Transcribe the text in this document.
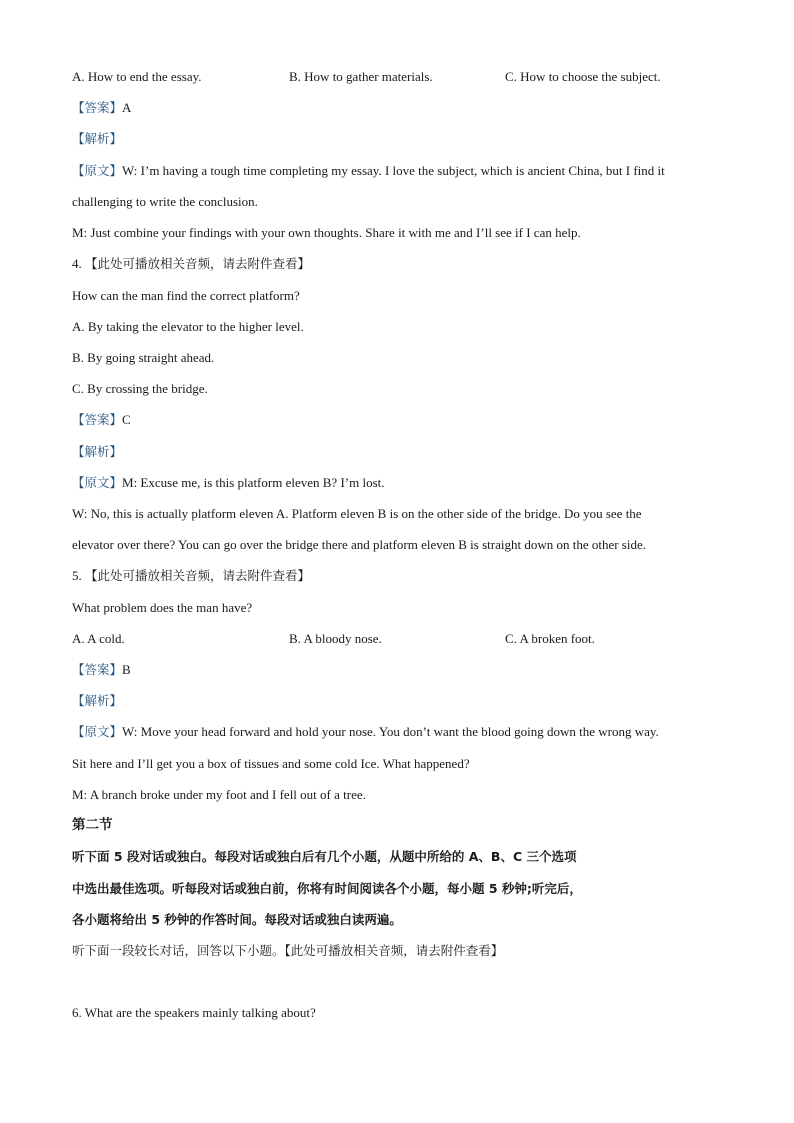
A. How to end the essay.	B. How to gather materials.	C. How to choose the subject.
【答案】A
【解析】
【原文】W: I’m having a tough time completing my essay. I love the subject, which is ancient China, but I find it
challenging to write the conclusion.
M: Just combine your findings with your own thoughts. Share it with me and I’ll see if I can help.
4. 【此处可播放相关音频，请去附件查看】
How can the man find the correct platform?
A. By taking the elevator to the higher level.
B. By going straight ahead.
C. By crossing the bridge.
【答案】C
【解析】
【原文】M: Excuse me, is this platform eleven B? I’m lost.
W: No, this is actually platform eleven A. Platform eleven B is on the other side of the bridge. Do you see the
elevator over there? You can go over the bridge there and platform eleven B is straight down on the other side.
5. 【此处可播放相关音频，请去附件查看】
What problem does the man have?
A. A cold.	B. A bloody nose.	C. A broken foot.
【答案】B
【解析】
【原文】W: Move your head forward and hold your nose. You don’t want the blood going down the wrong way.
Sit here and I’ll get you a box of tissues and some cold Ice. What happened?
M: A branch broke under my foot and I fell out of a tree.
第二节
听下面 5 段对话或独白。每段对话或独白后有几个小题，从题中所给的 A、B、C 三个选项
中选出最佳选项。听每段对话或独白前，你将有时间阅读各个小题，每小题 5 秒钟;听完后，
各小题将给出 5 秒钟的作答时间。每段对话或独白读两遍。
听下面一段较长对话，回答以下小题。【此处可播放相关音频，请去附件查看】
6. What are the speakers mainly talking about?
